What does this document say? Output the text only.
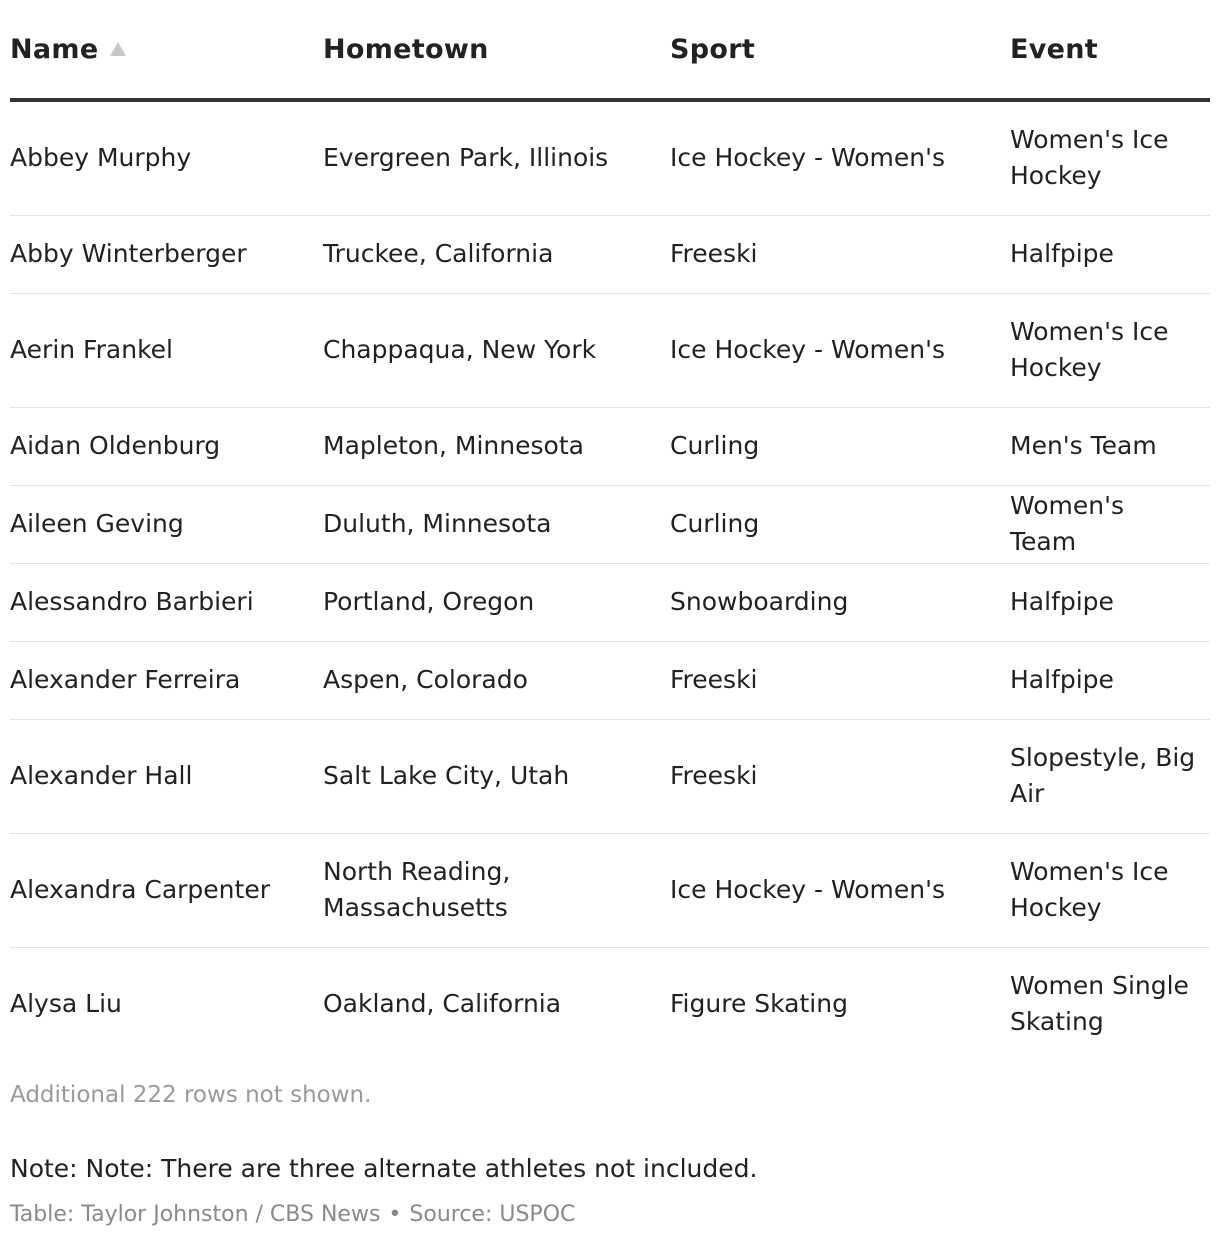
Name	Hometown	Sport	Event
Abbey Murphy	Evergreen Park, Illinois	Ice Hockey - Women's	Women's Ice Hockey
Abby Winterberger	Truckee, California	Freeski	Halfpipe
Aerin Frankel	Chappaqua, New York	Ice Hockey - Women's	Women's Ice Hockey
Aidan Oldenburg	Mapleton, Minnesota	Curling	Men's Team
Aileen Geving	Duluth, Minnesota	Curling	Women's Team
Alessandro Barbieri	Portland, Oregon	Snowboarding	Halfpipe
Alexander Ferreira	Aspen, Colorado	Freeski	Halfpipe
Alexander Hall	Salt Lake City, Utah	Freeski	Slopestyle, Big Air
Alexandra Carpenter	North Reading, Massachusetts	Ice Hockey - Women's	Women's Ice Hockey
Alysa Liu	Oakland, California	Figure Skating	Women Single Skating
Additional 222 rows not shown.
Note: Note: There are three alternate athletes not included.
Table: Taylor Johnston / CBS News • Source: USPOC
